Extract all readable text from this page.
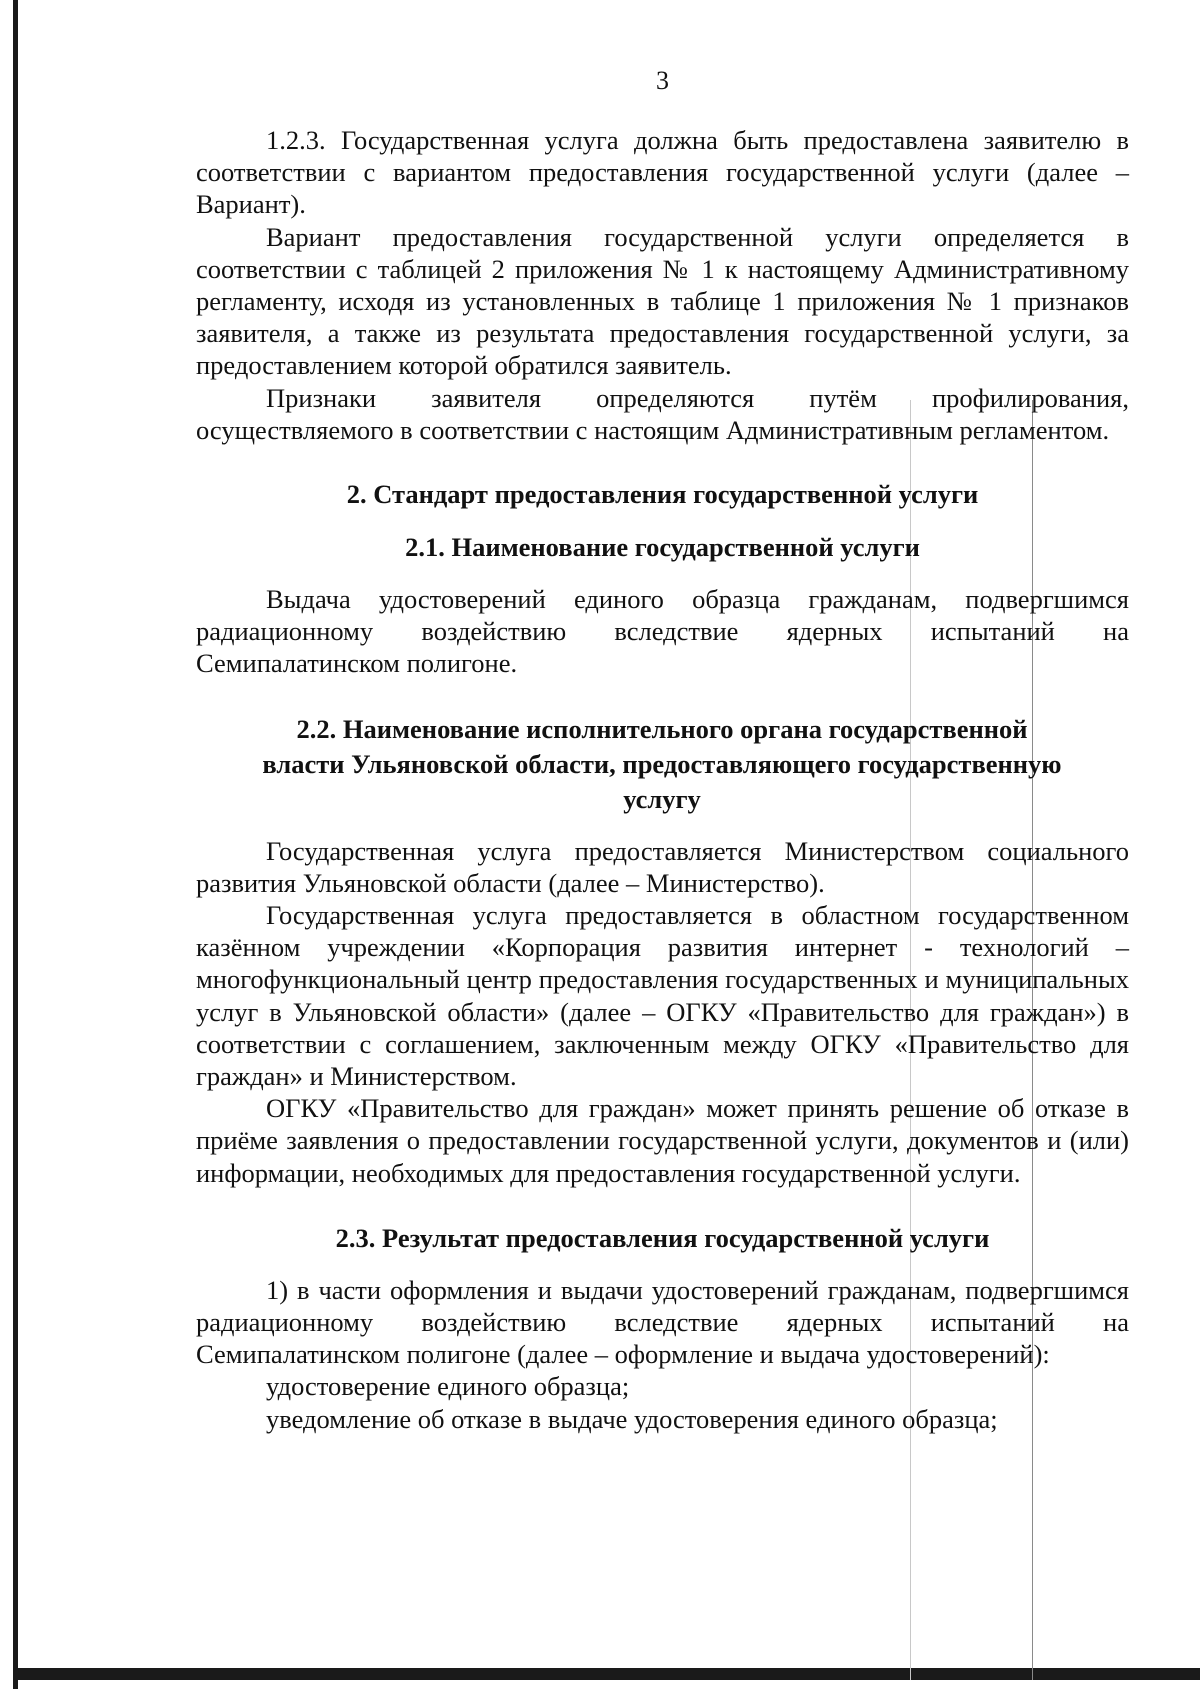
3

1.2.3. Государственная услуга должна быть предоставлена заявителю в соответствии с вариантом предоставления государственной услуги (далее – Вариант).

Вариант предоставления государственной услуги определяется в соответствии с таблицей 2 приложения № 1 к настоящему Административному регламенту, исходя из установленных в таблице 1 приложения № 1 признаков заявителя, а также из результата предоставления государственной услуги, за предоставлением которой обратился заявитель.

Признаки заявителя определяются путём профилирования, осуществляемого в соответствии с настоящим Административным регламентом.

2. Стандарт предоставления государственной услуги
2.1. Наименование государственной услуги

Выдача удостоверений единого образца гражданам, подвергшимся радиационному воздействию вследствие ядерных испытаний на Семипалатинском полигоне.

2.2. Наименование исполнительного органа государственной власти Ульяновской области, предоставляющего государственную услугу

Государственная услуга предоставляется Министерством социального развития Ульяновской области (далее – Министерство).

Государственная услуга предоставляется в областном государственном казённом учреждении «Корпорация развития интернет - технологий – многофункциональный центр предоставления государственных и муниципальных услуг в Ульяновской области» (далее – ОГКУ «Правительство для граждан») в соответствии с соглашением, заключенным между ОГКУ «Правительство для граждан» и Министерством.

ОГКУ «Правительство для граждан» может принять решение об отказе в приёме заявления о предоставлении государственной услуги, документов и (или) информации, необходимых для предоставления государственной услуги.

2.3. Результат предоставления государственной услуги

1) в части оформления и выдачи удостоверений гражданам, подвергшимся радиационному воздействию вследствие ядерных испытаний на Семипалатинском полигоне (далее – оформление и выдача удостоверений):

удостоверение единого образца;

уведомление об отказе в выдаче удостоверения единого образца;
